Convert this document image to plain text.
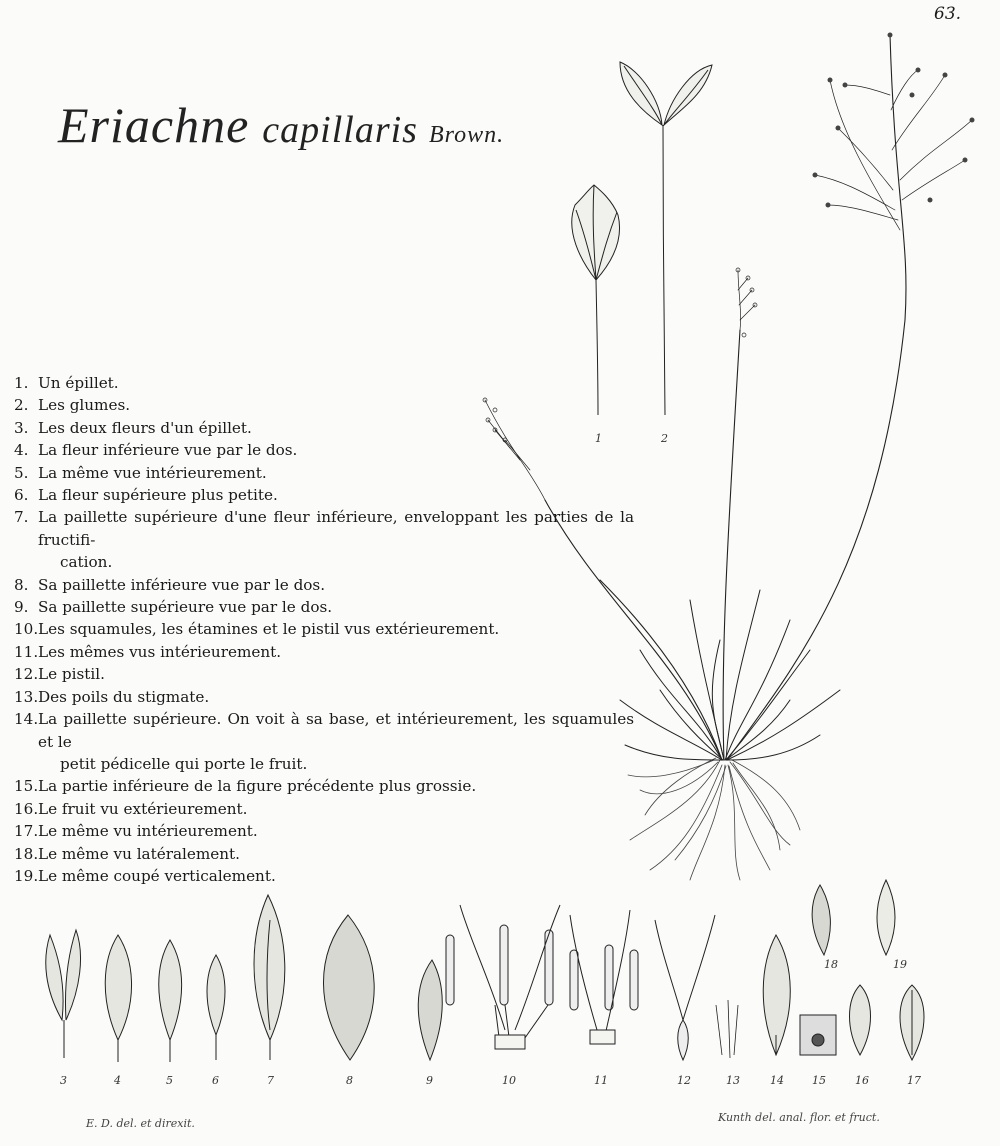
63.
Eriachne capillaris Brown.
1. Un épillet.
2. Les glumes.
3. Les deux fleurs d'un épillet.
4. La fleur inférieure vue par le dos.
5. La même vue intérieurement.
6. La fleur supérieure plus petite.
7. La paillette supérieure d'une fleur inférieure, enveloppant les parties de la fructifi-
cation.
8. Sa paillette inférieure vue par le dos.
9. Sa paillette supérieure vue par le dos.
10. Les squamules, les étamines et le pistil vus extérieurement.
11. Les mêmes vus intérieurement.
12. Le pistil.
13. Des poils du stigmate.
14. La paillette supérieure. On voit à sa base, et intérieurement, les squamules et le
petit pédicelle qui porte le fruit.
15. La partie inférieure de la figure précédente plus grossie.
16. Le fruit vu extérieurement.
17. Le même vu intérieurement.
18. Le même vu latéralement.
19. Le même coupé verticalement.
1	2
3	4	5	6	7	8	9	10	11	12	13	14	15	16	17
18	19
E. D. del. et direxit.	Kunth del. anal. flor. et fruct.
